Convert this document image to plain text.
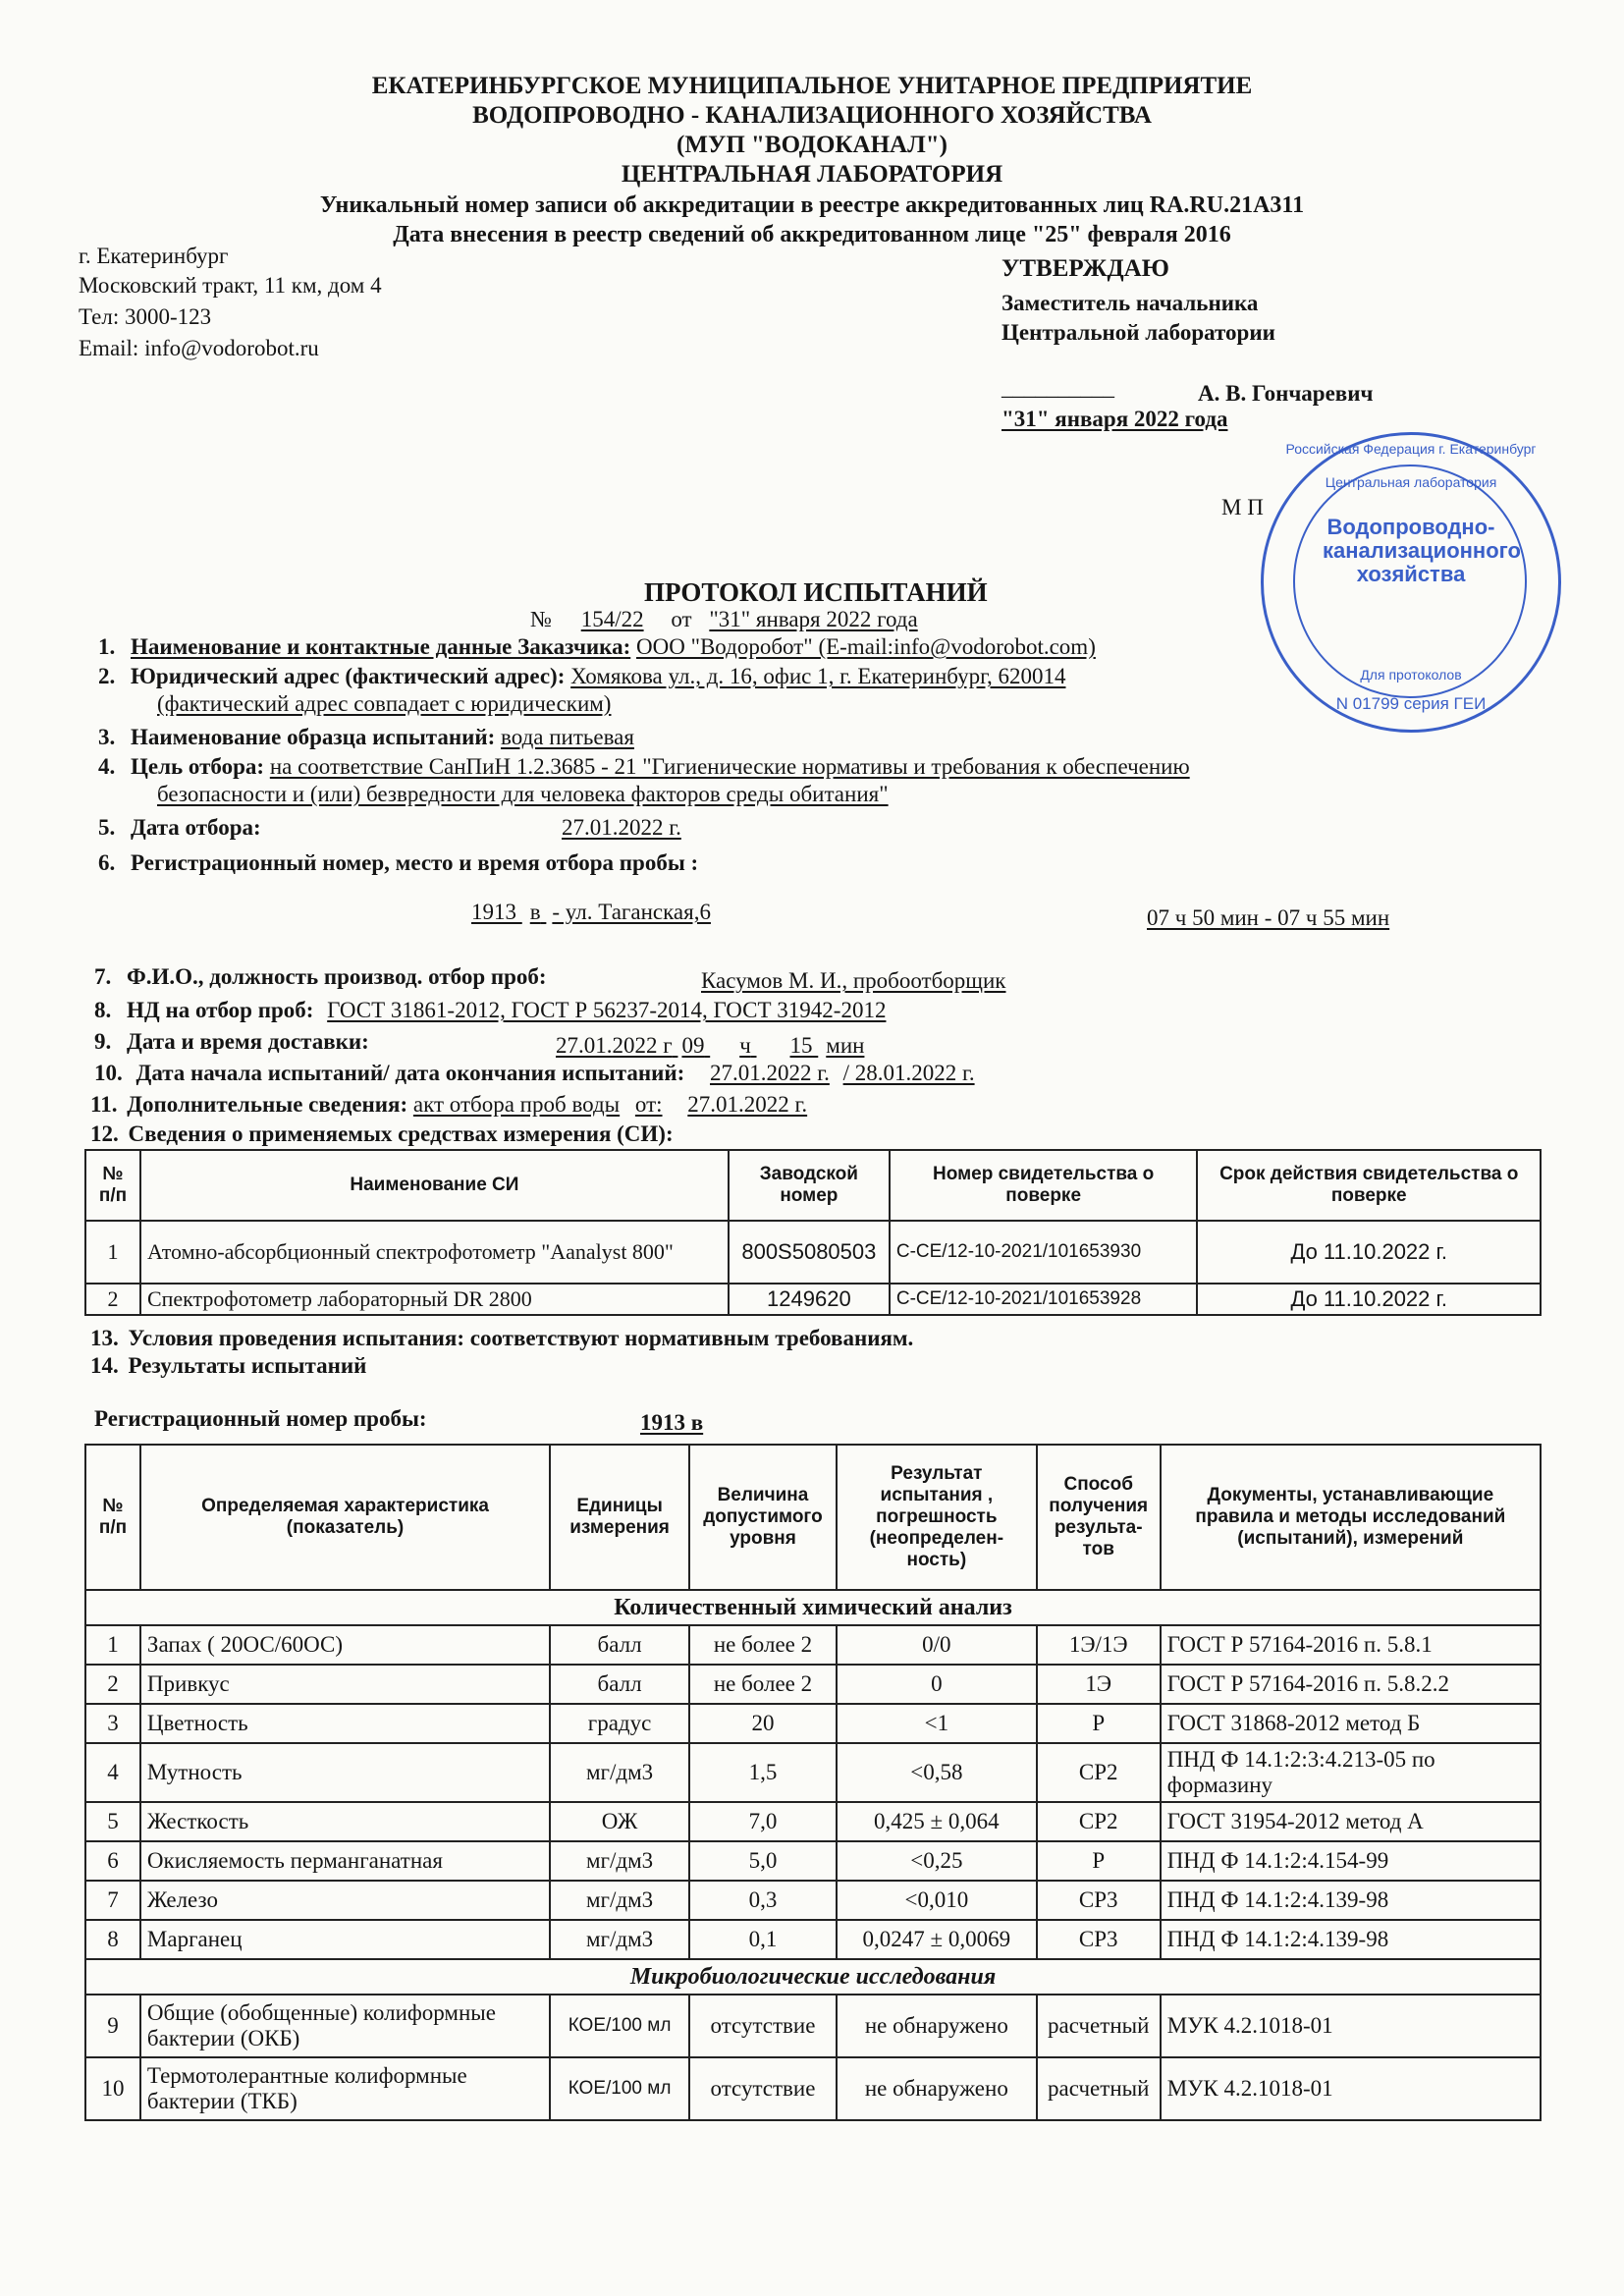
ЕКАТЕРИНБУРГСКОЕ МУНИЦИПАЛЬНОЕ УНИТАРНОЕ ПРЕДПРИЯТИЕ
ВОДОПРОВОДНО - КАНАЛИЗАЦИОННОГО ХОЗЯЙСТВА
(МУП "ВОДОКАНАЛ")
ЦЕНТРАЛЬНАЯ ЛАБОРАТОРИЯ
Уникальный номер записи об аккредитации в реестре аккредитованных лиц RA.RU.21А311
Дата внесения в реестр сведений об аккредитованном лице "25" февраля 2016
г. Екатеринбург
Московский тракт, 11 км, дом 4
Тел: 3000-123
Email: info@vodorobot.ru
УТВЕРЖДАЮ
Заместитель начальника
Центральной лаборатории
__________	А. В. Гончаревич
"31" января 2022 года
М П
Российская Федерация г. Екатеринбург
Центральная лаборатория
Водопроводно-канализационного хозяйства
Для протоколов
N 01799 серия ГЕИ
ПРОТОКОЛ ИСПЫТАНИЙ
№ 154/22 от "31" января 2022 года
1. Наименование и контактные данные Заказчика: ООО "Водоробот" (E-mail:info@vodorobot.com)
2. Юридический адрес (фактический адрес): Хомякова ул., д. 16, офис 1, г. Екатеринбург, 620014
(фактический адрес совпадает с юридическим)
3. Наименование образца испытаний: вода питьевая
4. Цель отбора: на соответствие СанПиН 1.2.3685 - 21 "Гигиенические нормативы и требования к обеспечению
безопасности и (или) безвредности для человека факторов среды обитания"
5. Дата отбора:	27.01.2022 г.
6. Регистрационный номер, место и время отбора пробы :
1913 в - ул. Таганская,6	07 ч 50 мин - 07 ч 55 мин
7. Ф.И.О., должность производ. отбор проб:	Касумов М. И., пробоотборщик
8. НД на отбор проб: ГОСТ 31861-2012, ГОСТ Р 56237-2014, ГОСТ 31942-2012
9. Дата и время доставки:	27.01.2022 г 09 ч 15 мин
10. Дата начала испытаний/ дата окончания испытаний: 27.01.2022 г. / 28.01.2022 г.
11. Дополнительные сведения: акт отбора проб воды от: 27.01.2022 г.
12. Сведения о применяемых средствах измерения (СИ):
№ п/п	Наименование СИ	Заводской номер	Номер свидетельства о поверке	Срок действия свидетельства о поверке
1	Атомно-абсорбционный спектрофотометр "Aanalyst 800"	800S5080503	С-СЕ/12-10-2021/101653930	До 11.10.2022 г.
2	Спектрофотометр лабораторный DR 2800	1249620	С-СЕ/12-10-2021/101653928	До 11.10.2022 г.
13. Условия проведения испытания: соответствуют нормативным требованиям.
14. Результаты испытаний
Регистрационный номер пробы:	1913 в
№ п/п	Определяемая характеристика (показатель)	Единицы измерения	Величина допустимого уровня	Результат испытания , погрешность (неопределен-ность)	Способ получения результа-тов	Документы, устанавливающие правила и методы исследований (испытаний), измерений
Количественный химический анализ						
1	Запах ( 20ОС/60ОС)	балл	не более 2	0/0	1Э/1Э	ГОСТ Р 57164-2016 п. 5.8.1
2	Привкус	балл	не более 2	0	1Э	ГОСТ Р 57164-2016 п. 5.8.2.2
3	Цветность	градус	20	<1	Р	ГОСТ 31868-2012 метод Б
4	Мутность	мг/дм3	1,5	<0,58	СР2	ПНД Ф 14.1:2:3:4.213-05 по формазину
5	Жесткость	ОЖ	7,0	0,425 ± 0,064	СР2	ГОСТ 31954-2012 метод А
6	Окисляемость перманганатная	мг/дм3	5,0	<0,25	Р	ПНД Ф 14.1:2:4.154-99
7	Железо	мг/дм3	0,3	<0,010	СР3	ПНД Ф 14.1:2:4.139-98
8	Марганец	мг/дм3	0,1	0,0247 ± 0,0069	СР3	ПНД Ф 14.1:2:4.139-98
Микробиологические исследования						
9	Общие (обобщенные) колиформные бактерии (ОКБ)	КОЕ/100 мл	отсутствие	не обнаружено	расчетный	МУК 4.2.1018-01
10	Термотолерантные колиформные бактерии (ТКБ)	КОЕ/100 мл	отсутствие	не обнаружено	расчетный	МУК 4.2.1018-01
